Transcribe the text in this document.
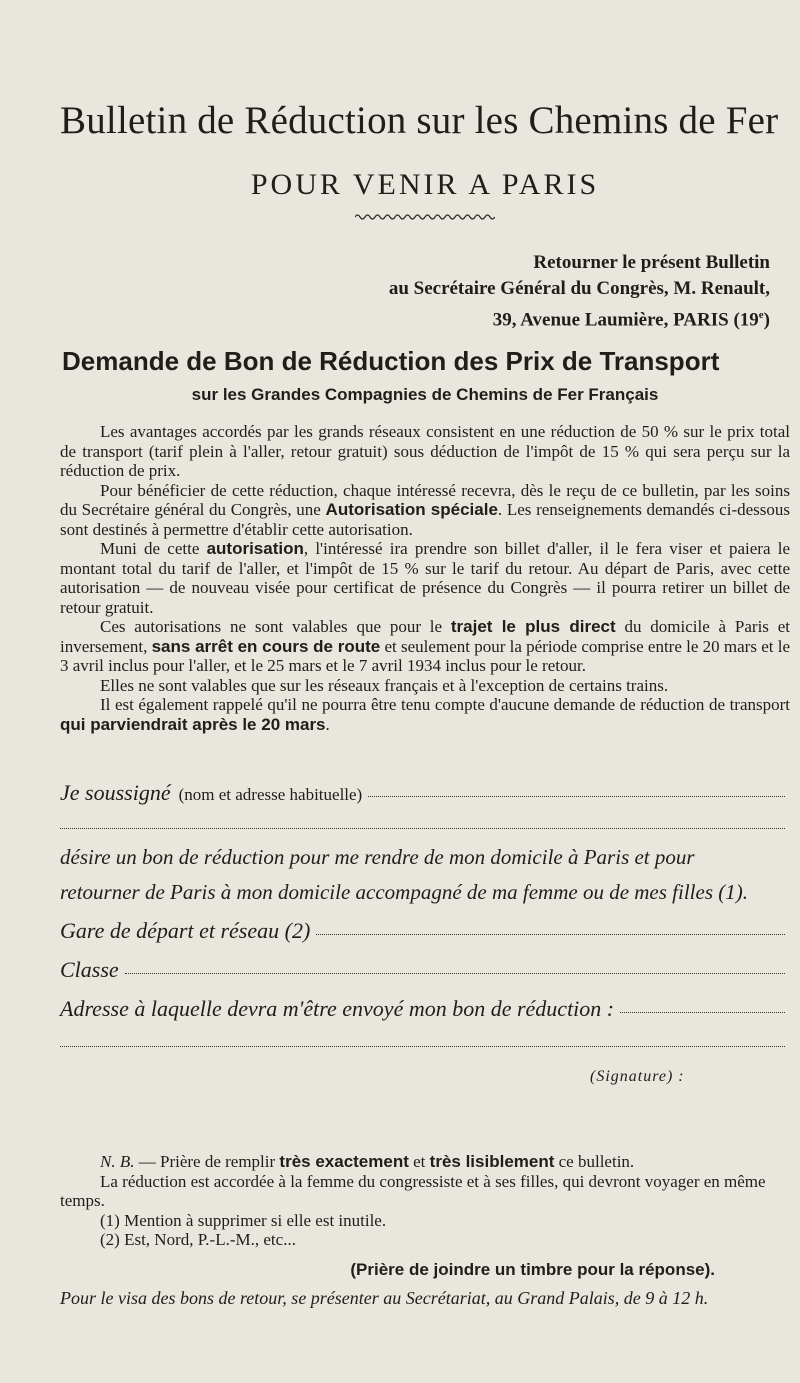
Bulletin de Réduction sur les Chemins de Fer
POUR VENIR A PARIS
Retourner le présent Bulletin
au Secrétaire Général du Congrès, M. Renault,
39, Avenue Laumière, PARIS (19e)
Demande de Bon de Réduction des Prix de Transport
sur les Grandes Compagnies de Chemins de Fer Français

Les avantages accordés par les grands réseaux consistent en une réduction de 50 % sur le prix total de transport (tarif plein à l'aller, retour gratuit) sous déduction de l'impôt de 15 % qui sera perçu sur la réduction de prix.

Pour bénéficier de cette réduction, chaque intéressé recevra, dès le reçu de ce bulletin, par les soins du Secrétaire général du Congrès, une Autorisation spéciale. Les renseignements demandés ci-dessous sont destinés à permettre d'établir cette autorisation.

Muni de cette autorisation, l'intéressé ira prendre son billet d'aller, il le fera viser et paiera le montant total du tarif de l'aller, et l'impôt de 15 % sur le tarif du retour. Au départ de Paris, avec cette autorisation — de nouveau visée pour certificat de présence du Congrès — il pourra retirer un billet de retour gratuit.

Ces autorisations ne sont valables que pour le trajet le plus direct du domicile à Paris et inversement, sans arrêt en cours de route et seulement pour la période comprise entre le 20 mars et le 3 avril inclus pour l'aller, et le 25 mars et le 7 avril 1934 inclus pour le retour.

Elles ne sont valables que sur les réseaux français et à l'exception de certains trains.

Il est également rappelé qu'il ne pourra être tenu compte d'aucune demande de réduction de transport qui parviendrait après le 20 mars.

Je soussigné (nom et adresse habituelle)
désire un bon de réduction pour me rendre de mon domicile à Paris et pour
retourner de Paris à mon domicile accompagné de ma femme ou de mes filles (1).
Gare de départ et réseau (2)
Classe
Adresse à laquelle devra m'être envoyé mon bon de réduction :
(Signature) :

N. B. — Prière de remplir très exactement et très lisiblement ce bulletin.

La réduction est accordée à la femme du congressiste et à ses filles, qui devront voyager en même temps.

(1) Mention à supprimer si elle est inutile.

(2) Est, Nord, P.-L.-M., etc...

(Prière de joindre un timbre pour la réponse).
Pour le visa des bons de retour, se présenter au Secrétariat, au Grand Palais, de 9 à 12 h.
